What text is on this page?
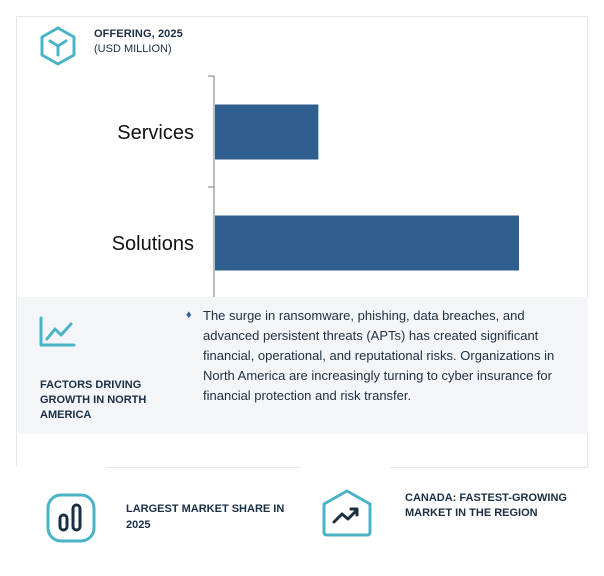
OFFERING, 2025
(USD MILLION)
Services
Solutions
FACTORS DRIVING GROWTH IN NORTH AMERICA
♦ The surge in ransomware, phishing, data breaches, and advanced persistent threats (APTs) has created significant financial, operational, and reputational risks. Organizations in North America are increasingly turning to cyber insurance for financial protection and risk transfer.
LARGEST MARKET SHARE IN 2025
CANADA: FASTEST-GROWING MARKET IN THE REGION
